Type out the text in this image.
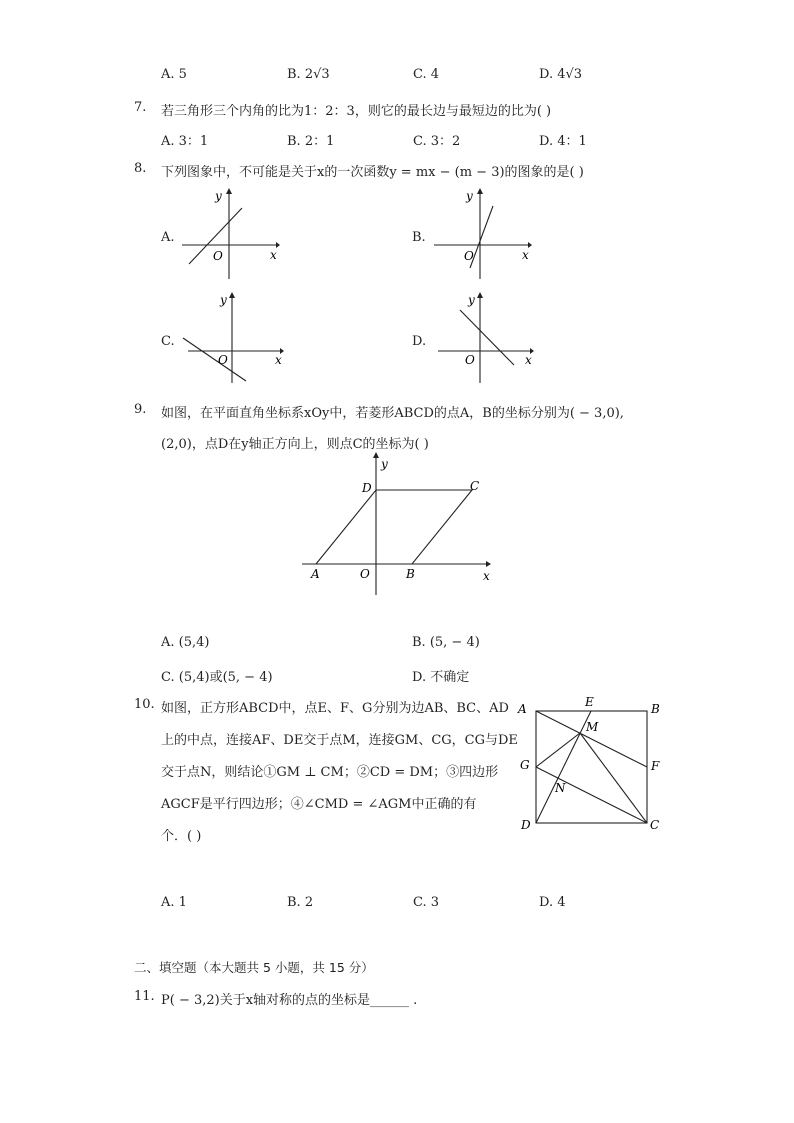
A. 5	B. 2√3	C. 4	D. 4√3
7. 若三角形三个内角的比为1：2：3，则它的最长边与最短边的比为( )
A. 3：1	B. 2：1	C. 3：2	D. 4：1
8. 下列图象中，不可能是关于x的一次函数y = mx − (m − 3)的图象的是( )
A.
y
x
O
B.
y
x
O
C.
y
x
O
D.
y
x
O
9. 如图，在平面直角坐标系xOy中，若菱形ABCD的点A，B的坐标分别为( − 3,0),
(2,0)，点D在y轴正方向上，则点C的坐标为( )
y
D	C
A	O	B	x
A. (5,4)	B. (5, − 4)
C. (5,4)或(5, − 4)	D. 不确定
10. 如图，正方形ABCD中，点E、F、G分别为边AB、BC、AD
上的中点，连接AF、DE交于点M，连接GM、CG，CG与DE
交于点N，则结论①GM ⊥ CM；②CD = DM；③四边形
AGCF是平行四边形；④∠CMD = ∠AGM中正确的有
个．( )
A	E	B
M
G	F
N
D	C
A. 1	B. 2	C. 3	D. 4
二、填空题（本大题共 5 小题，共 15 分）
11. P( − 3,2)关于x轴对称的点的坐标是______ .
